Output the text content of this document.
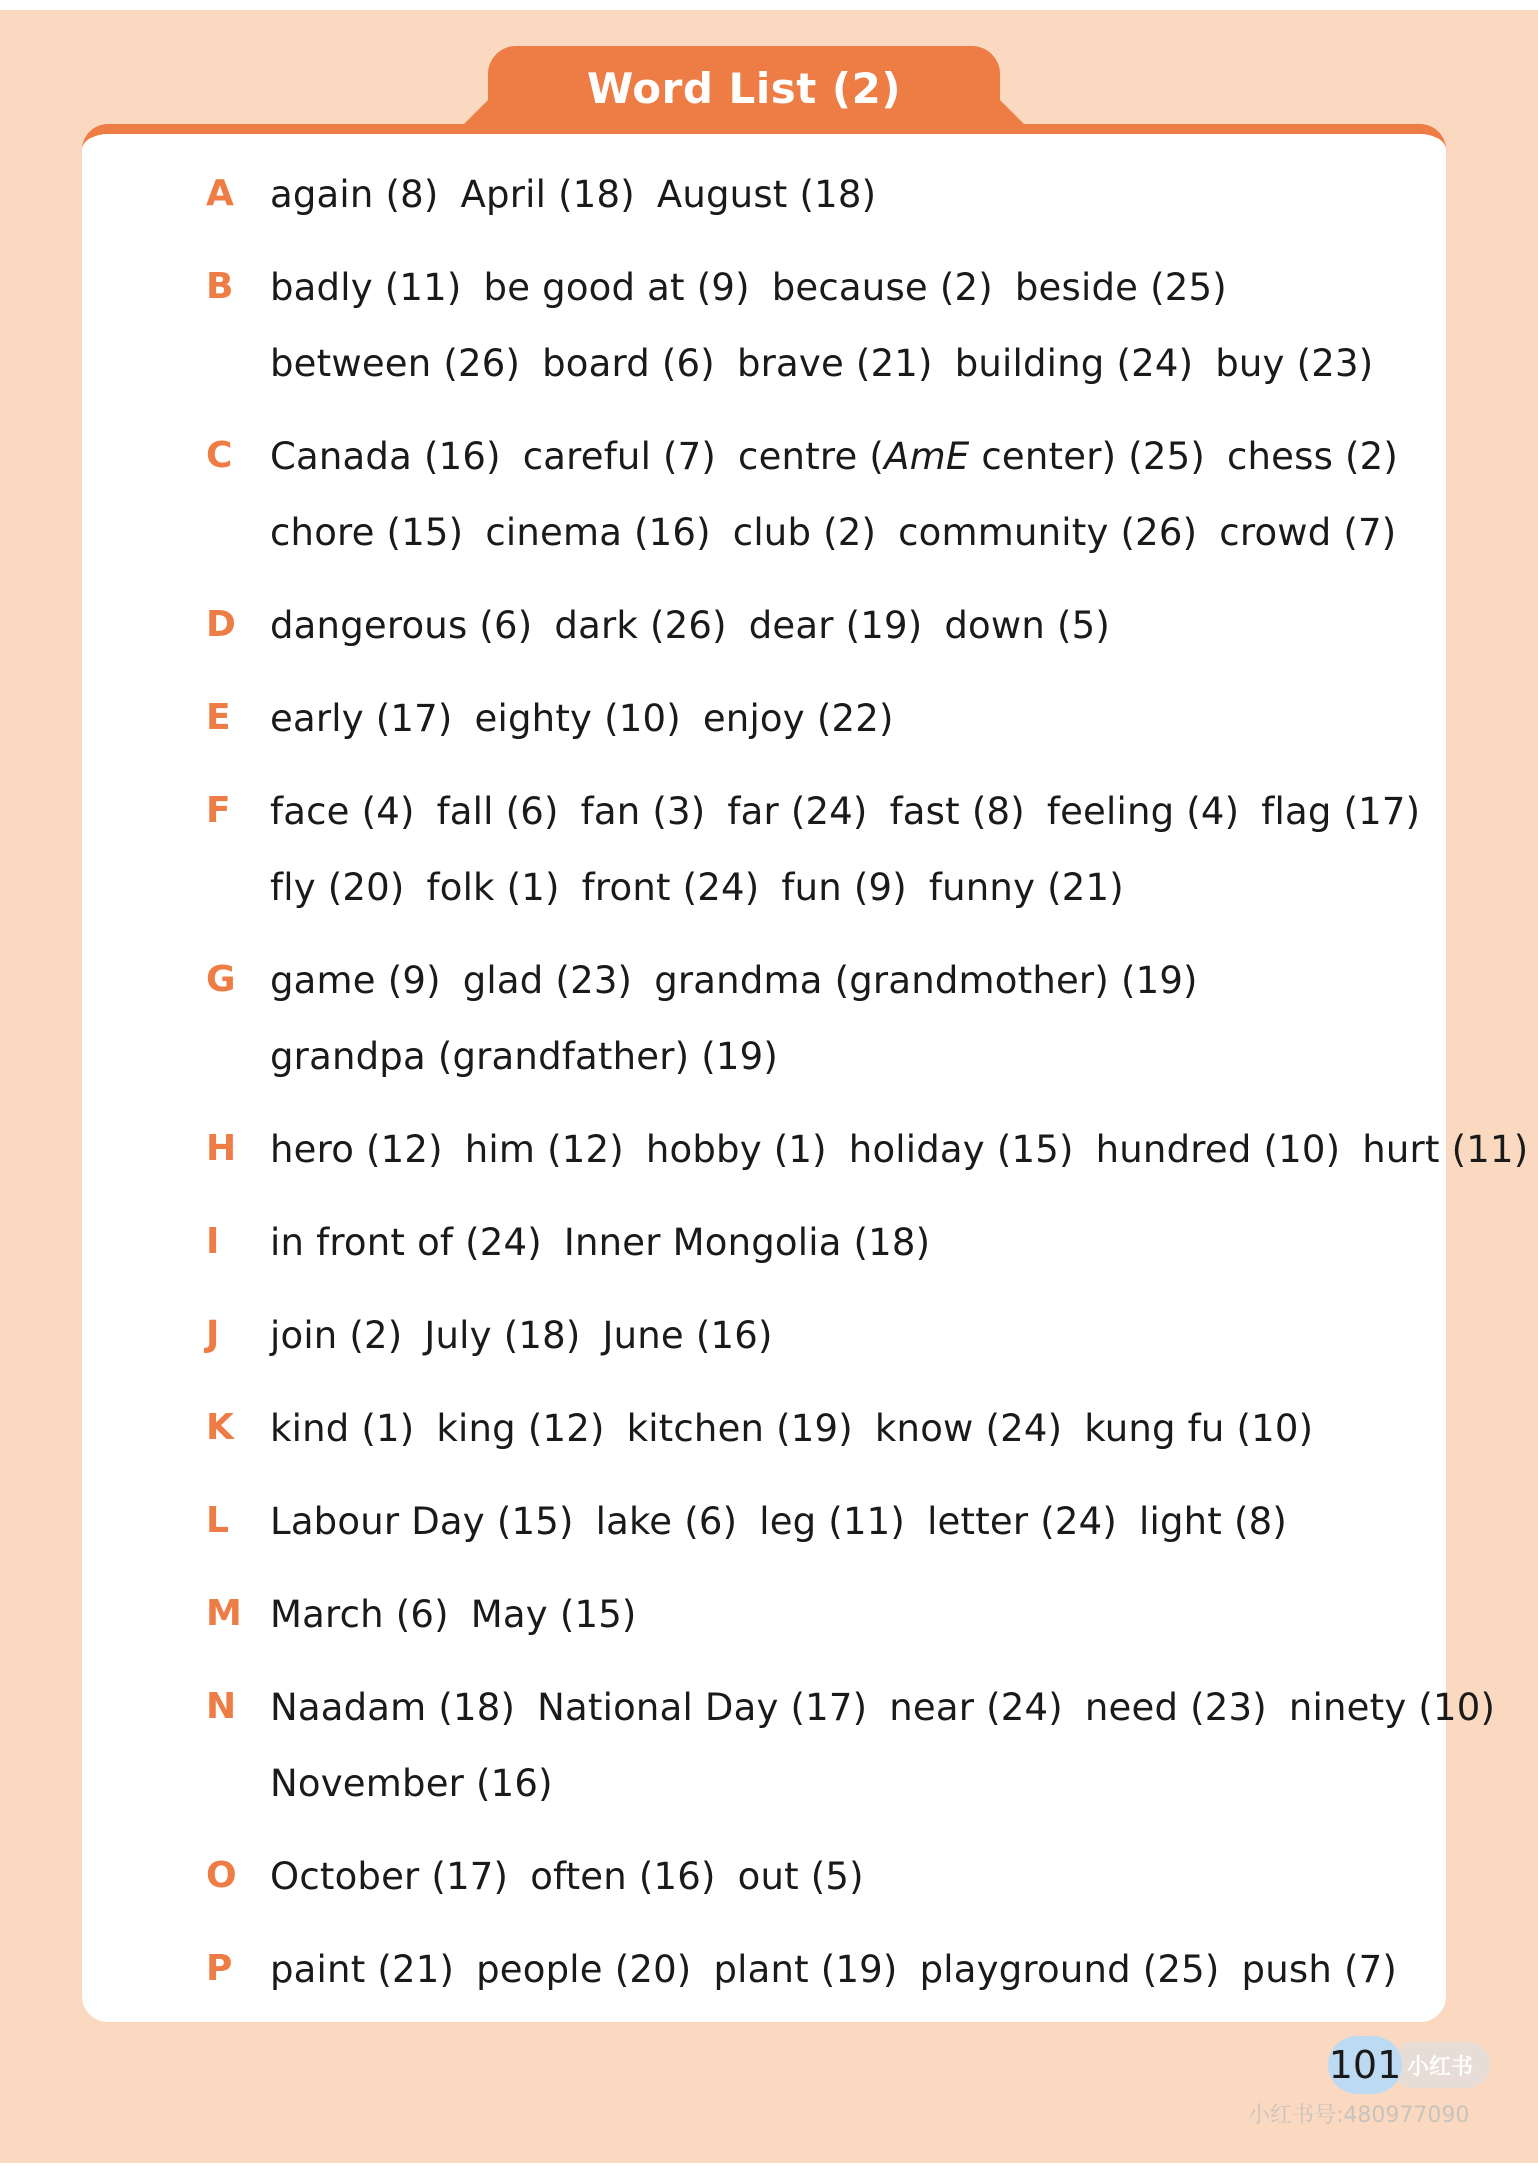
Word List (2)
A again (8) April (18) August (18)
B badly (11) be good at (9) because (2) beside (25)
between (26) board (6) brave (21) building (24) buy (23)
C Canada (16) careful (7) centre (AmE center) (25) chess (2)
chore (15) cinema (16) club (2) community (26) crowd (7)
D dangerous (6) dark (26) dear (19) down (5)
E early (17) eighty (10) enjoy (22)
F face (4) fall (6) fan (3) far (24) fast (8) feeling (4) flag (17)
fly (20) folk (1) front (24) fun (9) funny (21)
G game (9) glad (23) grandma (grandmother) (19)
grandpa (grandfather) (19)
H hero (12) him (12) hobby (1) holiday (15) hundred (10) hurt (11)
I in front of (24) Inner Mongolia (18)
J join (2) July (18) June (16)
K kind (1) king (12) kitchen (19) know (24) kung fu (10)
L Labour Day (15) lake (6) leg (11) letter (24) light (8)
M March (6) May (15)
N Naadam (18) National Day (17) near (24) need (23) ninety (10)
November (16)
O October (17) often (16) out (5)
P paint (21) people (20) plant (19) playground (25) push (7)
小红书
101
小红书号:480977090
